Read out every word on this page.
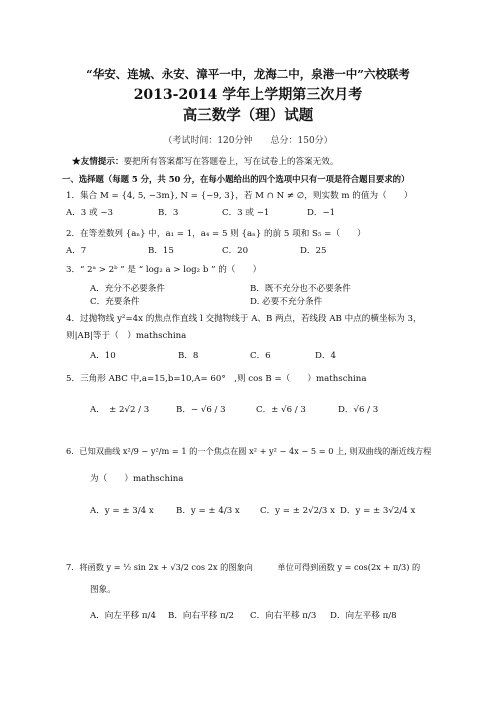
“华安、连城、永安、漳平一中，龙海二中，泉港一中”六校联考
2013-2014 学年上学期第三次月考
高三数学（理）试题
（考试时间：120分钟　　总分：150分）
★友情提示：要把所有答案都写在答题卷上，写在试卷上的答案无效。
一、选择题（每题 5 分，共 50 分，在每小题给出的四个选项中只有一项是符合题目要求的）
1．集合 M = {4, 5, −3m}, N = {−9, 3}，若 M ∩ N ≠ ∅，则实数 m 的值为（　　）
A．3 或 −3	B．3	C．3 或 −1	D．−1
2．在等差数列 {aₙ} 中，a₁ = 1，a₄ = 5 则 {aₙ} 的前 5 项和 S₅ =（　　）
A．7	B．15	C．20	D．25
3．“ 2ᵃ > 2ᵇ ” 是 “ log₂ a > log₂ b ” 的（　　）
A．充分不必要条件	B．既不充分也不必要条件
C．充要条件	D. 必要不充分条件
4．过抛物线 y²=4x 的焦点作直线 l 交抛物线于 A、B 两点，若线段 AB 中点的横坐标为 3，
则|AB|等于（　）mathschina
A．10	B．8	C．6	D．4
5．三角形 ABC 中,a=15,b=10,A= 60°　,则 cos B =（　　）mathschina
A．　± 2√2 / 3	B．− √6 / 3	C．± √6 / 3	D．√6 / 3
6．已知双曲线 x²/9 − y²/m = 1 的一个焦点在圆 x² + y² − 4x − 5 = 0 上, 则双曲线的渐近线方程
为（　　）mathschina
A．y = ± 3/4 x	B．y = ± 4/3 x C．y = ± 2√2/3 x D．y = ± 3√2/4 x
7．将函数 y = ½ sin 2x + √3/2 cos 2x 的图象向　　　单位可得到函数 y = cos(2x + π/3) 的
图象。
A．向左平移 π/4 B．向右平移 π/2 C．向右平移 π/3 D．向左平移 π/8
